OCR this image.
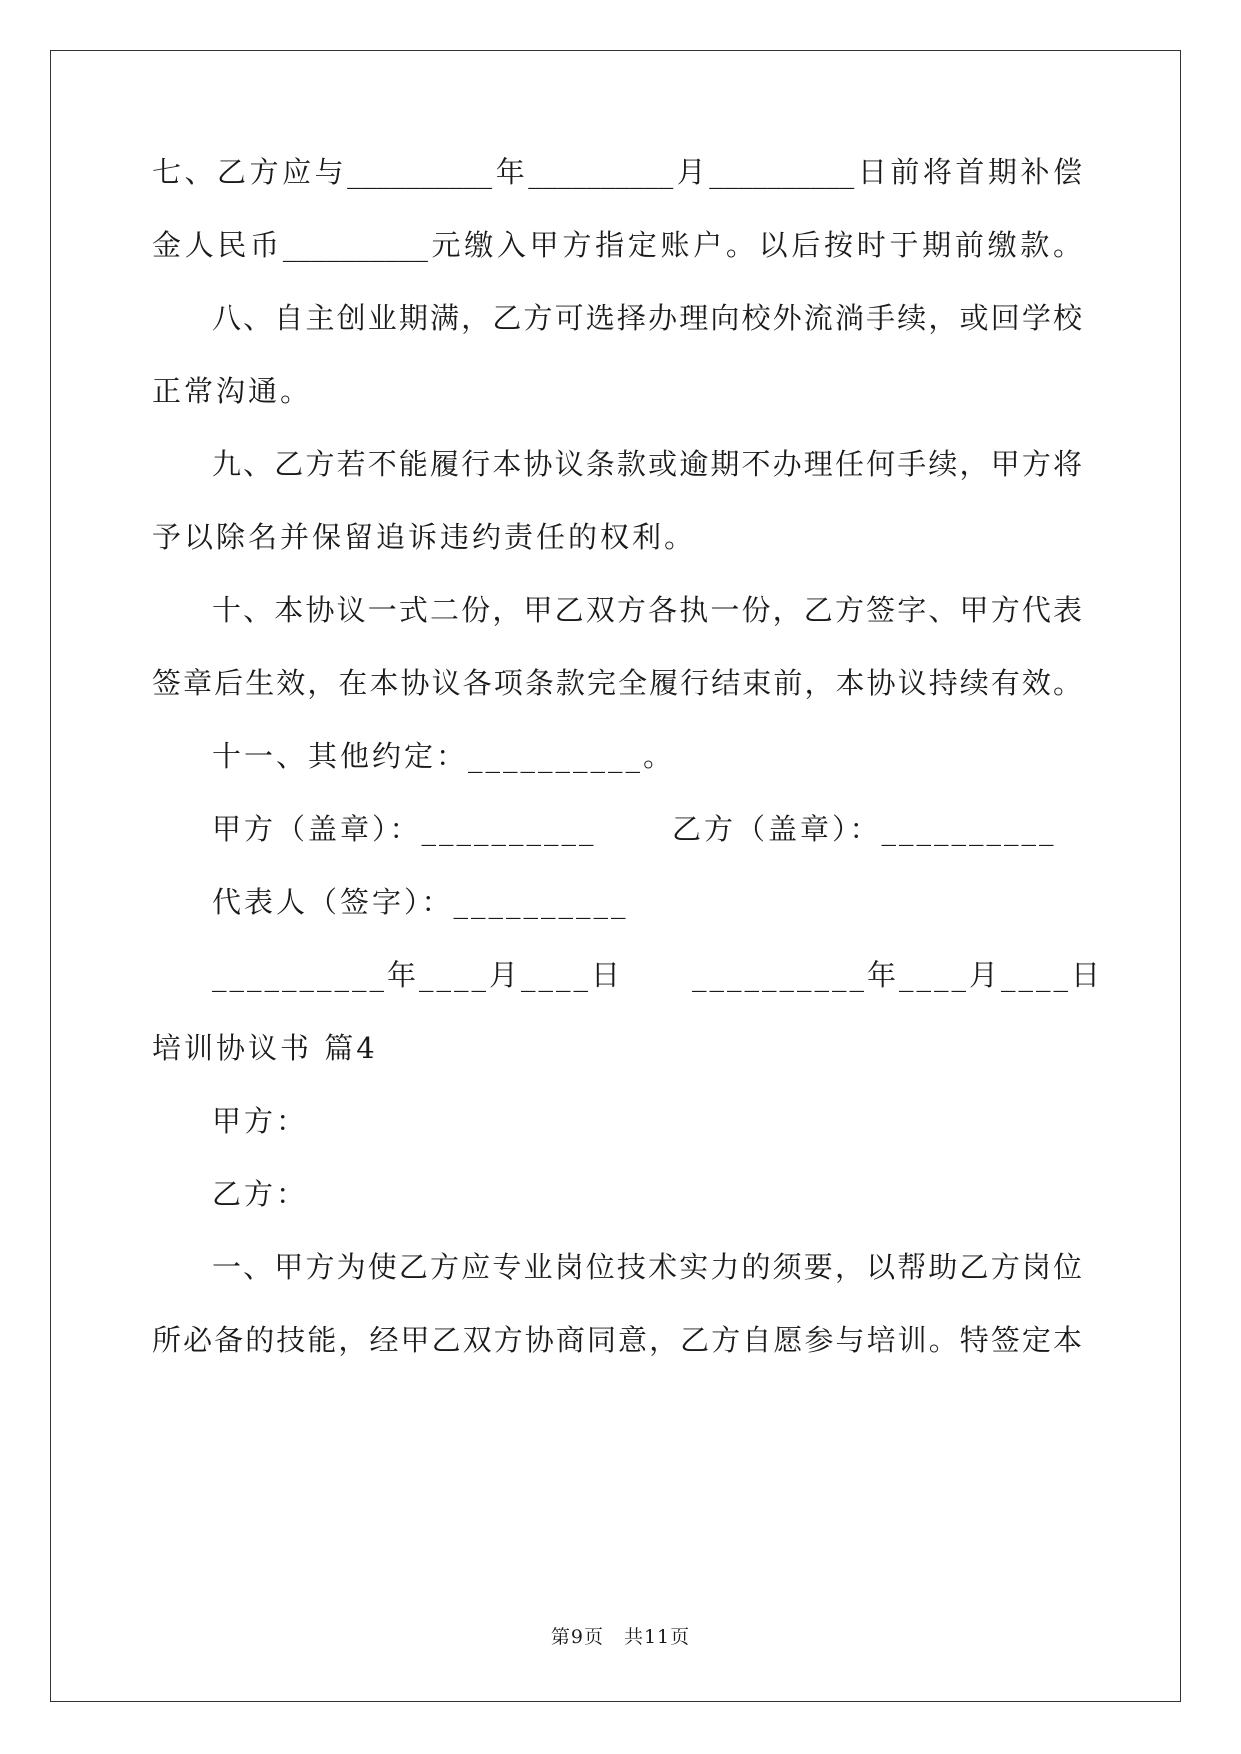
七、乙方应与__________年__________月__________日前将首期补偿
金人民币__________元缴入甲方指定账户。以后按时于期前缴款。
八、自主创业期满，乙方可选择办理向校外流淌手续，或回学校
正常沟通。
九、乙方若不能履行本协议条款或逾期不办理任何手续，甲方将
予以除名并保留追诉违约责任的权利。
十、本协议一式二份，甲乙双方各执一份，乙方签字、甲方代表
签章后生效，在本协议各项条款完全履行结束前，本协议持续有效。
十一、其他约定：__________。
甲方（盖章）：__________	乙方（盖章）：__________
代表人（签字）：__________
__________年____月____日 __________年____月____日
培训协议书 篇4
甲方：
乙方：
一、甲方为使乙方应专业岗位技术实力的须要，以帮助乙方岗位
所必备的技能，经甲乙双方协商同意，乙方自愿参与培训。特签定本
第9页　共11页
